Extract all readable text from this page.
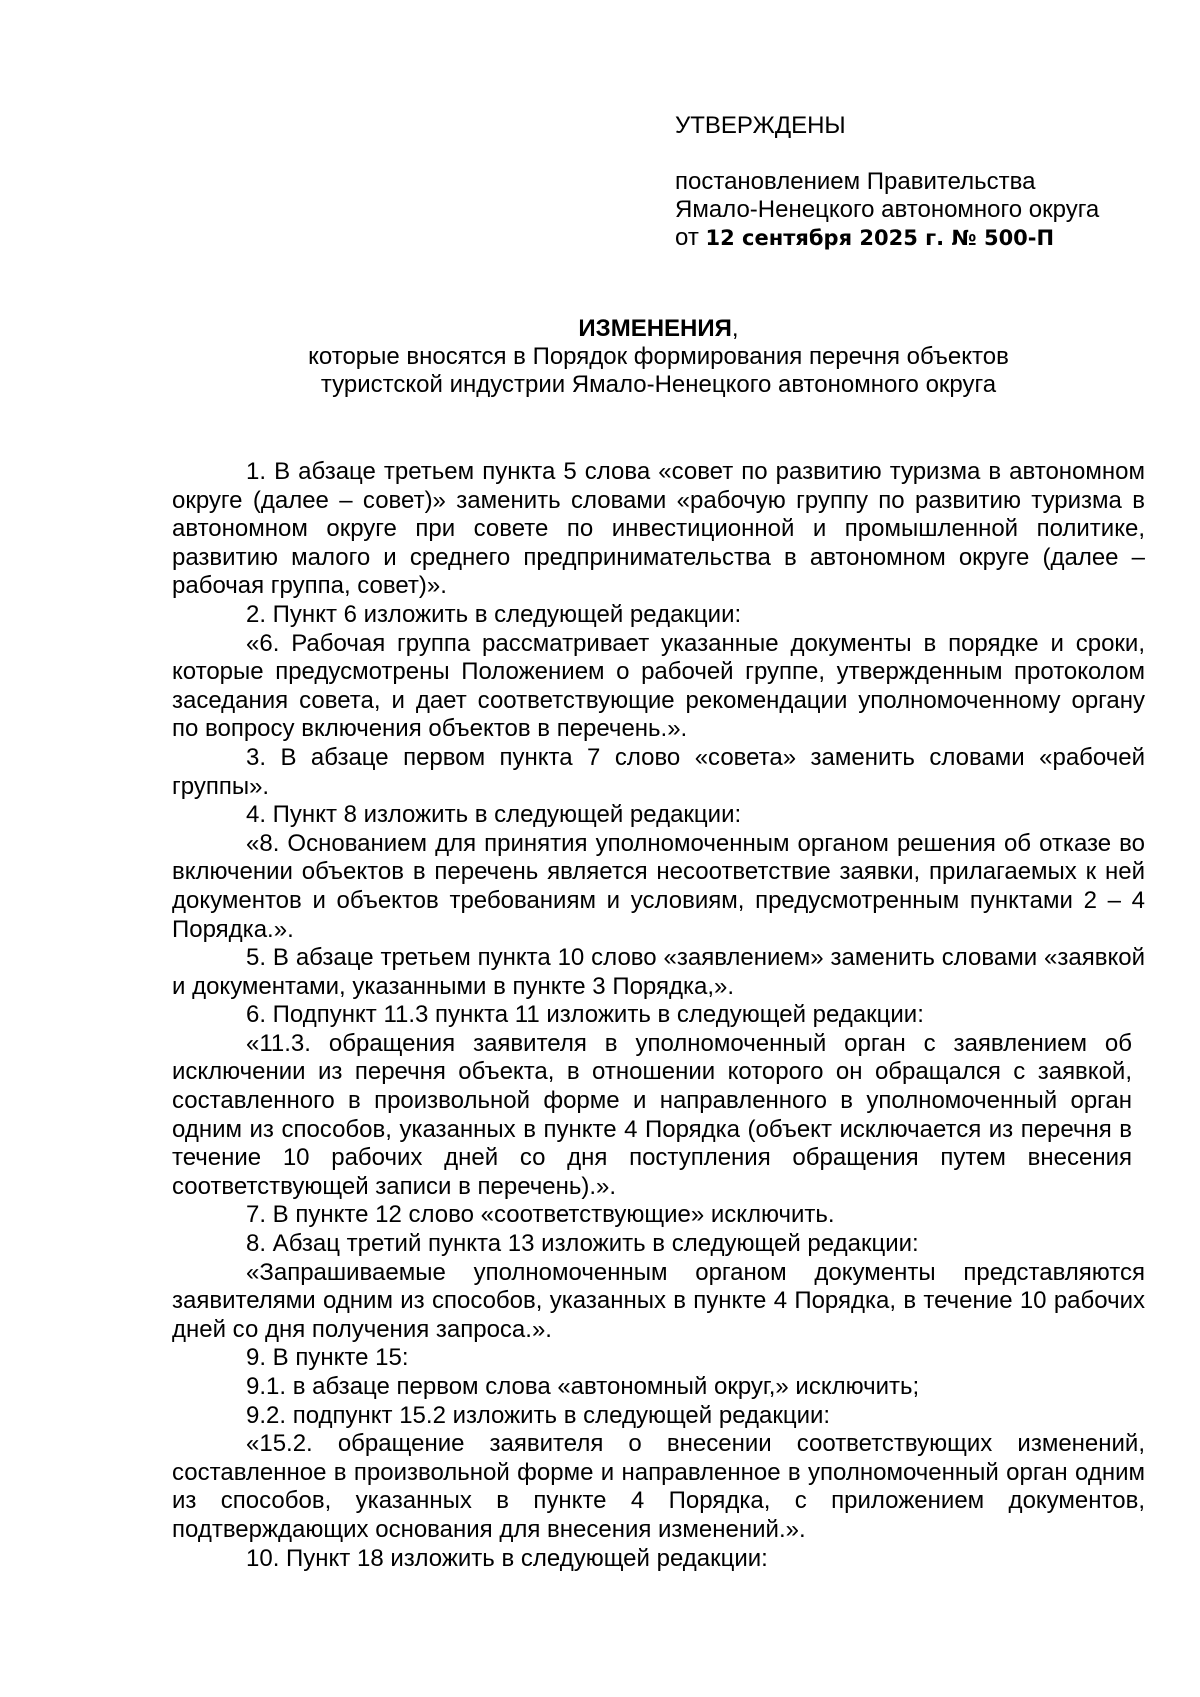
УТВЕРЖДЕНЫ
постановлением Правительства
Ямало-Ненецкого автономного округа
от 12 сентября 2025 г. № 500-П
ИЗМЕНЕНИЯ,
которые вносятся в Порядок формирования перечня объектов
туристской индустрии Ямало-Ненецкого автономного округа

1. В абзаце третьем пункта 5 слова «совет по развитию туризма в автономном округе (далее – совет)» заменить словами «рабочую группу по развитию туризма в автономном округе при совете по инвестиционной и промышленной политике, развитию малого и среднего предпринимательства в автономном округе (далее – рабочая группа, совет)».

2. Пункт 6 изложить в следующей редакции:

«6. Рабочая группа рассматривает указанные документы в порядке и сроки, которые предусмотрены Положением о рабочей группе, утвержденным протоколом заседания совета, и дает соответствующие рекомендации уполномоченному органу по вопросу включения объектов в перечень.».

3. В абзаце первом пункта 7 слово «совета» заменить словами «рабочей группы».

4. Пункт 8 изложить в следующей редакции:

«8. Основанием для принятия уполномоченным органом решения об отказе во включении объектов в перечень является несоответствие заявки, прилагаемых к ней документов и объектов требованиям и условиям, предусмотренным пунктами 2 – 4 Порядка.».

5. В абзаце третьем пункта 10 слово «заявлением» заменить словами «заявкой и документами, указанными в пункте 3 Порядка,».

6. Подпункт 11.3 пункта 11 изложить в следующей редакции:

«11.3. обращения заявителя в уполномоченный орган с заявлением об исключении из перечня объекта, в отношении которого он обращался с заявкой, составленного в произвольной форме и направленного в уполномоченный орган одним из способов, указанных в пункте 4 Порядка (объект исключается из перечня в течение 10 рабочих дней со дня поступления обращения путем внесения соответствующей записи в перечень).».

7. В пункте 12 слово «соответствующие» исключить.

8. Абзац третий пункта 13 изложить в следующей редакции:

«Запрашиваемые уполномоченным органом документы представляются заявителями одним из способов, указанных в пункте 4 Порядка, в течение 10 рабочих дней со дня получения запроса.».

9. В пункте 15:

9.1. в абзаце первом слова «автономный округ,» исключить;

9.2. подпункт 15.2 изложить в следующей редакции:

«15.2. обращение заявителя о внесении соответствующих изменений, составленное в произвольной форме и направленное в уполномоченный орган одним из способов, указанных в пункте 4 Порядка, с приложением документов, подтверждающих основания для внесения изменений.».

10. Пункт 18 изложить в следующей редакции:
